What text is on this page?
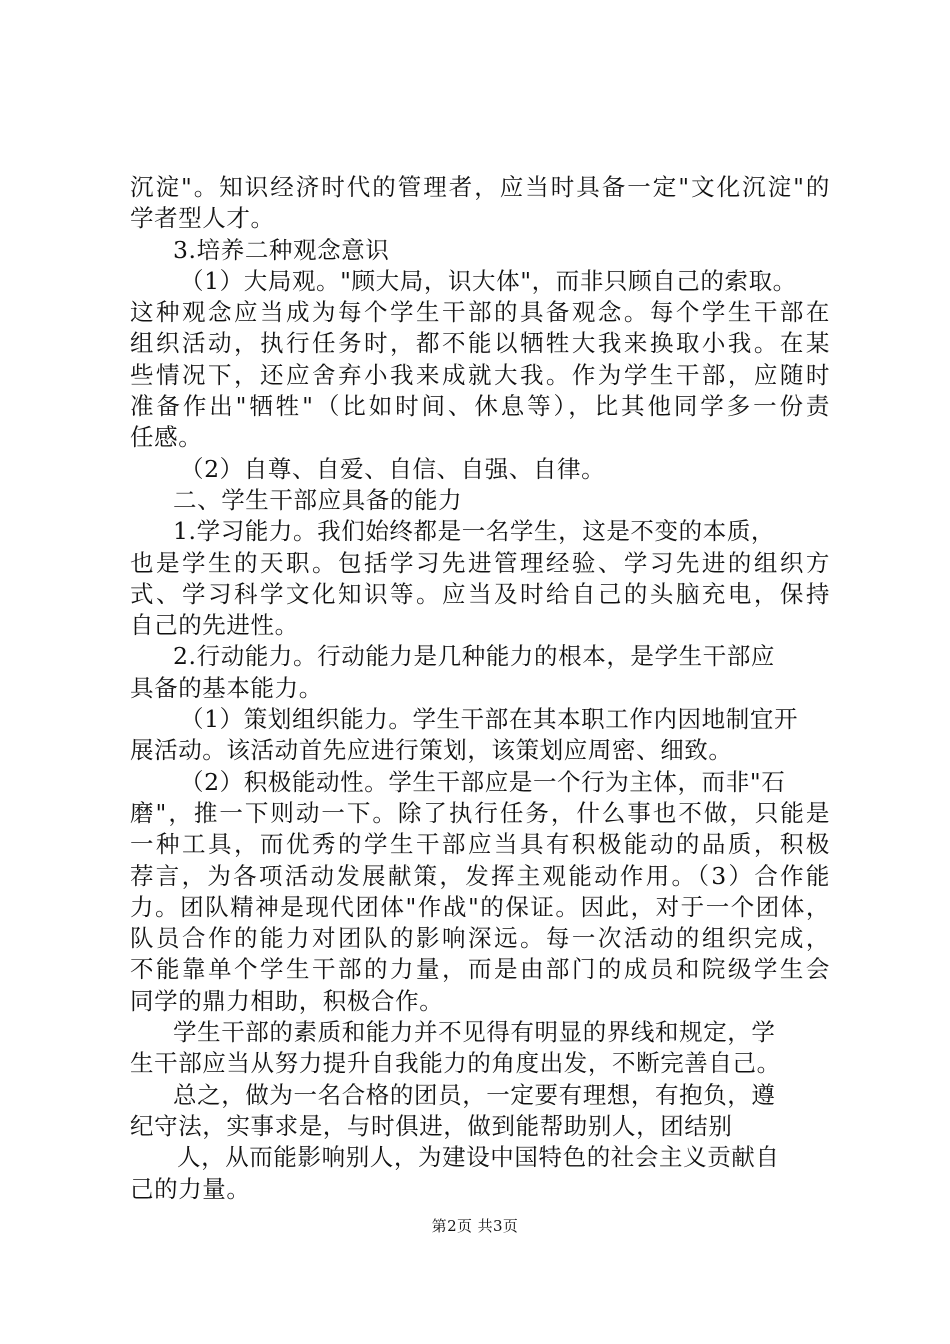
沉淀"。知识经济时代的管理者，应当时具备一定"文化沉淀"的
学者型人才。
3.培养二种观念意识
（1）大局观。"顾大局，识大体"，而非只顾自己的索取。
这种观念应当成为每个学生干部的具备观念。每个学生干部在
组织活动，执行任务时，都不能以牺牲大我来换取小我。在某
些情况下，还应舍弃小我来成就大我。作为学生干部，应随时
准备作出"牺牲"（比如时间、休息等），比其他同学多一份责
任感。
（2）自尊、自爱、自信、自强、自律。
二、学生干部应具备的能力
1.学习能力。我们始终都是一名学生，这是不变的本质，
也是学生的天职。包括学习先进管理经验、学习先进的组织方
式、学习科学文化知识等。应当及时给自己的头脑充电，保持
自己的先进性。
2.行动能力。行动能力是几种能力的根本，是学生干部应
具备的基本能力。
（1）策划组织能力。学生干部在其本职工作内因地制宜开
展活动。该活动首先应进行策划，该策划应周密、细致。
（2）积极能动性。学生干部应是一个行为主体，而非"石
磨"，推一下则动一下。除了执行任务，什么事也不做，只能是
一种工具，而优秀的学生干部应当具有积极能动的品质，积极
荐言，为各项活动发展献策，发挥主观能动作用。（3）合作能
力。团队精神是现代团体"作战"的保证。因此，对于一个团体，
队员合作的能力对团队的影响深远。每一次活动的组织完成，
不能靠单个学生干部的力量，而是由部门的成员和院级学生会
同学的鼎力相助，积极合作。
学生干部的素质和能力并不见得有明显的界线和规定，学
生干部应当从努力提升自我能力的角度出发，不断完善自己。
总之，做为一名合格的团员，一定要有理想，有抱负，遵
纪守法，实事求是，与时俱进，做到能帮助别人，团结别
人，从而能影响别人，为建设中国特色的社会主义贡献自
己的力量。
第2页 共3页
